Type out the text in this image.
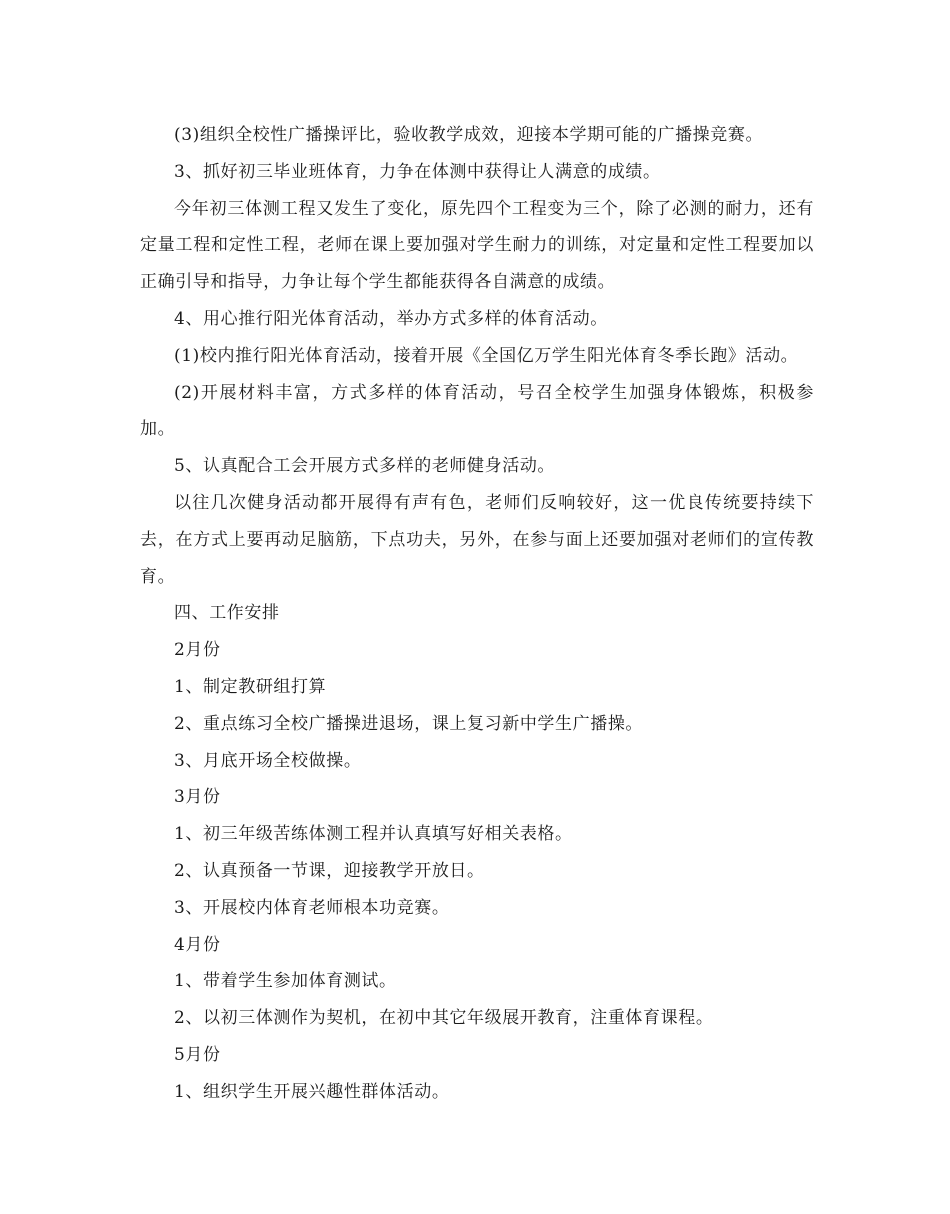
(3)组织全校性广播操评比，验收教学成效，迎接本学期可能的广播操竞赛。

3、抓好初三毕业班体育，力争在体测中获得让人满意的成绩。

今年初三体测工程又发生了变化，原先四个工程变为三个，除了必测的耐力，还有定量工程和定性工程，老师在课上要加强对学生耐力的训练，对定量和定性工程要加以正确引导和指导，力争让每个学生都能获得各自满意的成绩。

4、用心推行阳光体育活动，举办方式多样的体育活动。

(1)校内推行阳光体育活动，接着开展《全国亿万学生阳光体育冬季长跑》活动。

(2)开展材料丰富，方式多样的体育活动，号召全校学生加强身体锻炼，积极参加。

5、认真配合工会开展方式多样的老师健身活动。

以往几次健身活动都开展得有声有色，老师们反响较好，这一优良传统要持续下去，在方式上要再动足脑筋，下点功夫，另外，在参与面上还要加强对老师们的宣传教育。

四、工作安排

2月份

1、制定教研组打算

2、重点练习全校广播操进退场，课上复习新中学生广播操。

3、月底开场全校做操。

3月份

1、初三年级苦练体测工程并认真填写好相关表格。

2、认真预备一节课，迎接教学开放日。

3、开展校内体育老师根本功竞赛。

4月份

1、带着学生参加体育测试。

2、以初三体测作为契机，在初中其它年级展开教育，注重体育课程。

5月份

1、组织学生开展兴趣性群体活动。
